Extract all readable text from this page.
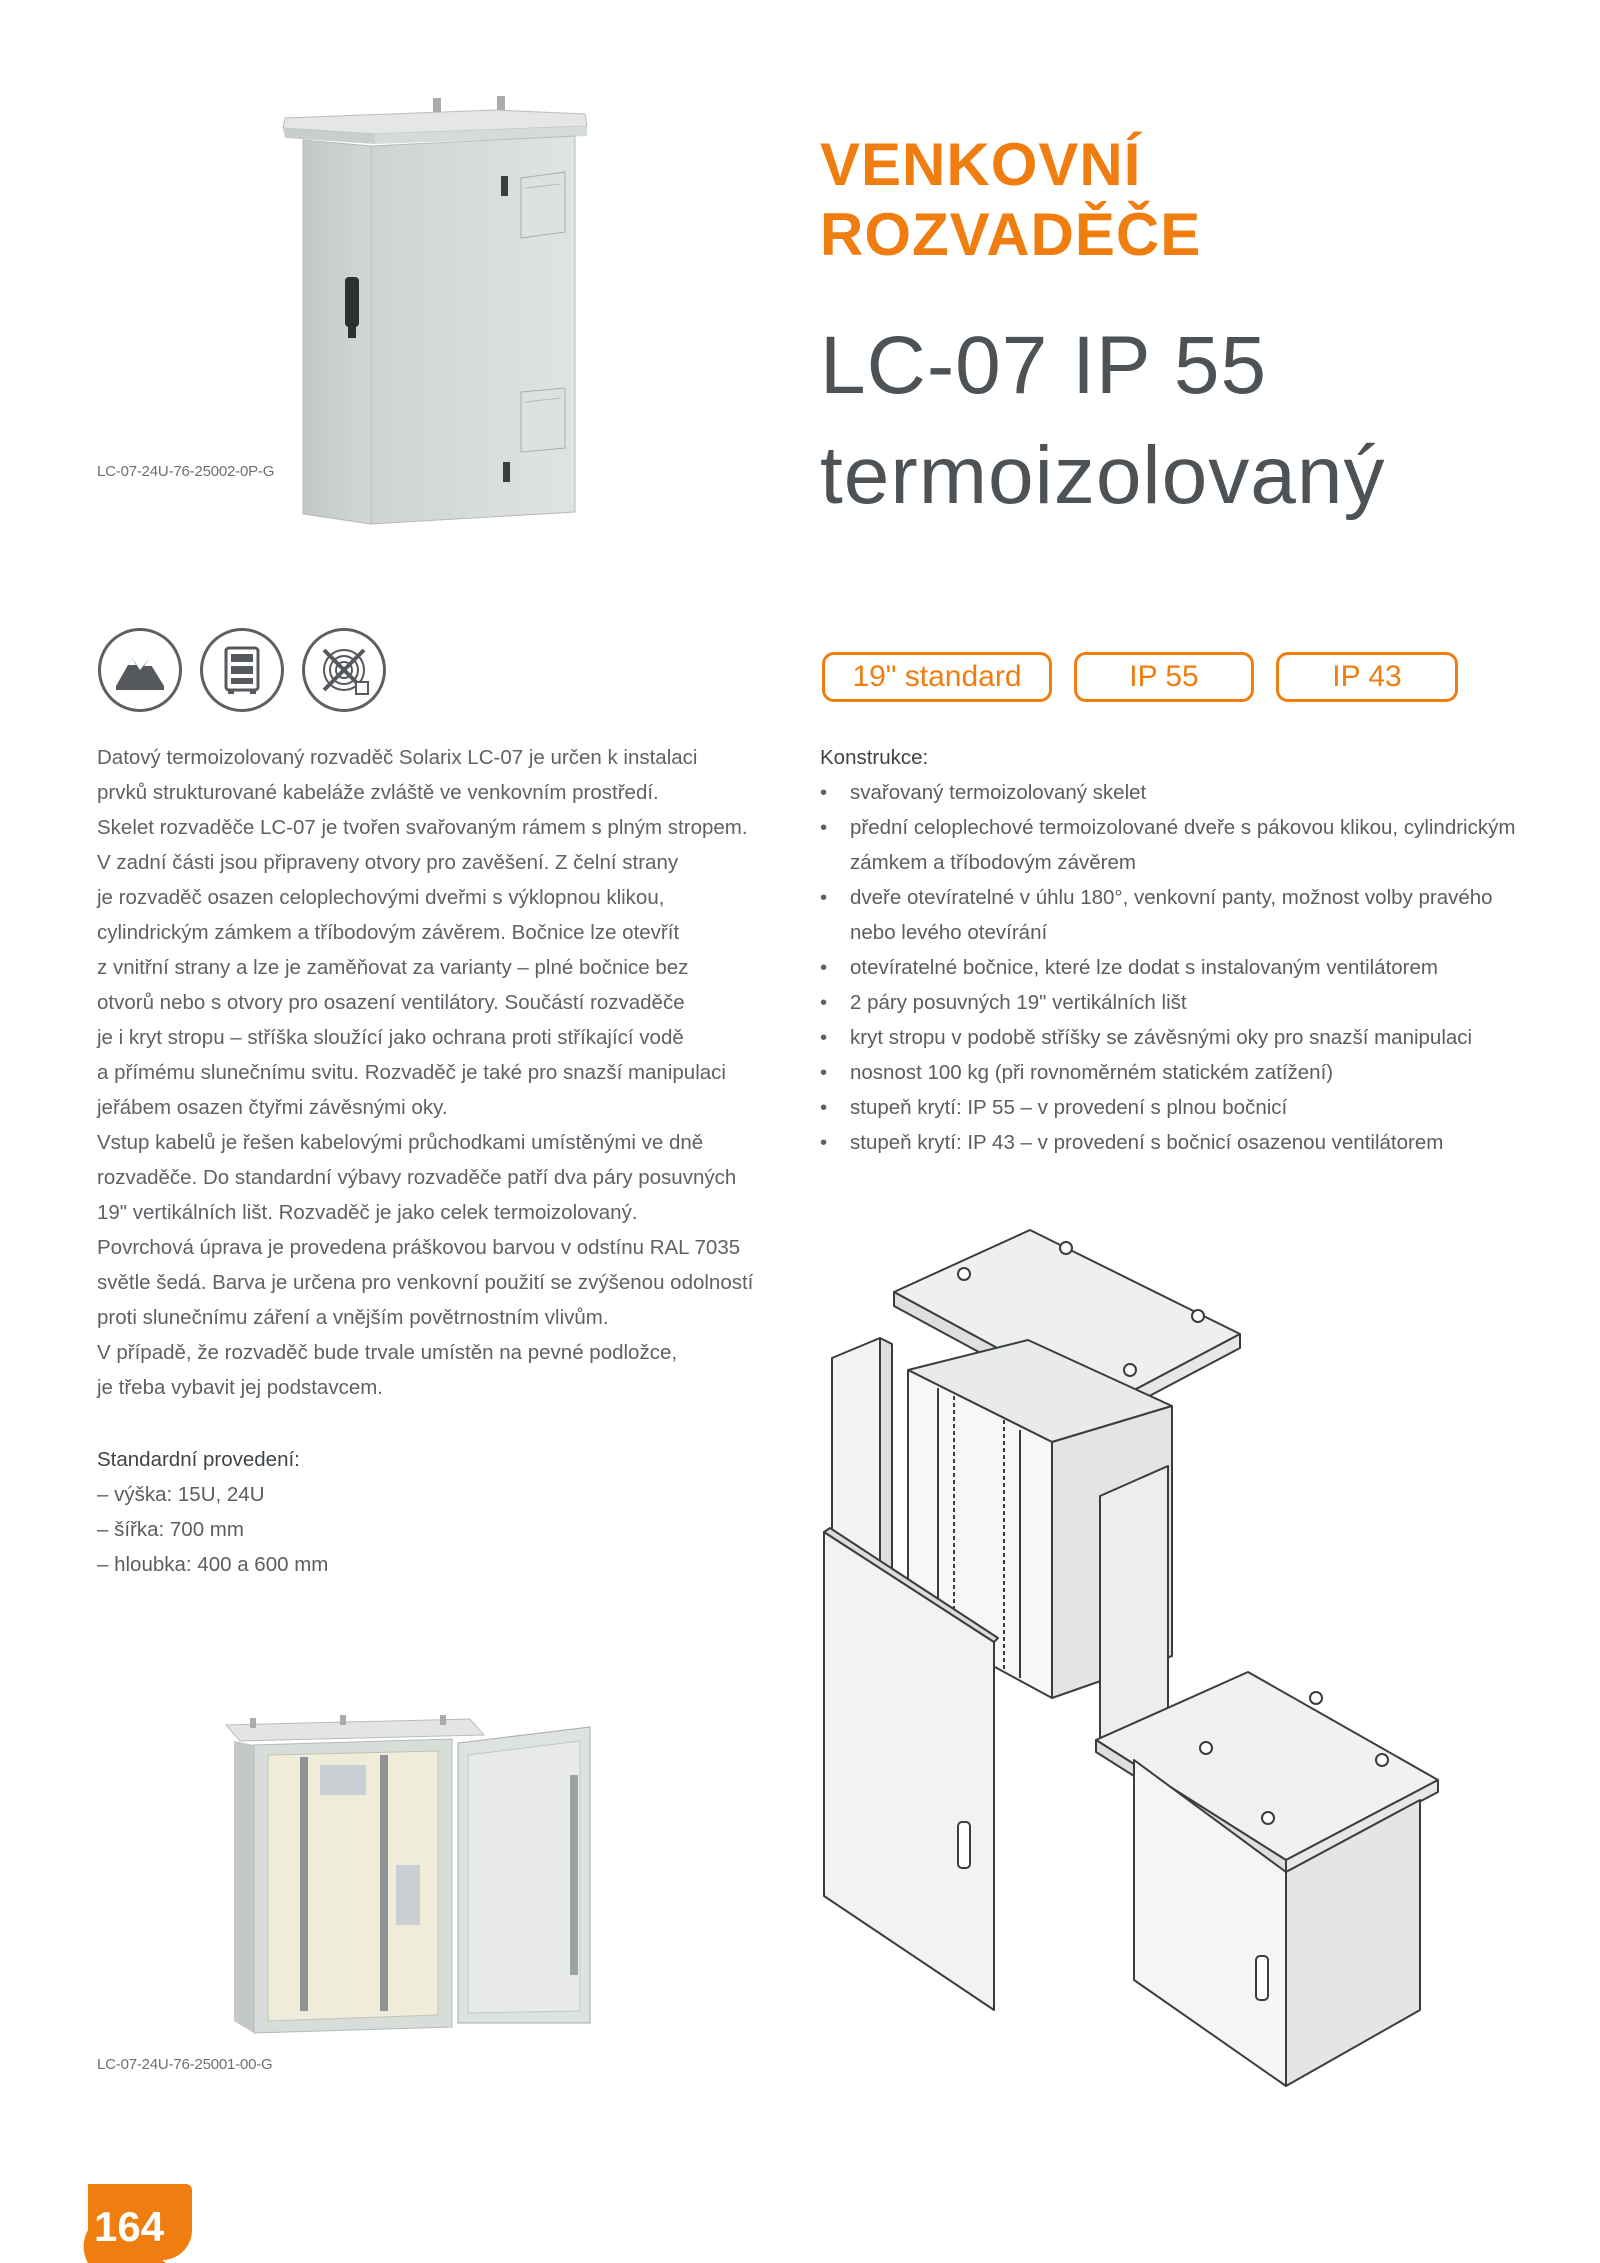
LC-07-24U-76-25002-0P-G
VENKOVNÍ
ROZVADĚČE
LC-07 IP 55
termoizolovaný
19" standard	IP 55	IP 43

Datový termoizolovaný rozvaděč Solarix LC-07 je určen k instalaci

prvků strukturované kabeláže zvláště ve venkovním prostředí.

Skelet rozvaděče LC-07 je tvořen svařovaným rámem s plným stropem.

V zadní části jsou připraveny otvory pro zavěšení. Z čelní strany

je rozvaděč osazen celoplechovými dveřmi s výklopnou klikou,

cylindrickým zámkem a tříbodovým závěrem. Bočnice lze otevřít

z vnitřní strany a lze je zaměňovat za varianty – plné bočnice bez

otvorů nebo s otvory pro osazení ventilátory. Součástí rozvaděče

je i kryt stropu – stříška sloužící jako ochrana proti stříkající vodě

a přímému slunečnímu svitu. Rozvaděč je také pro snazší manipulaci

jeřábem osazen čtyřmi závěsnými oky.

Vstup kabelů je řešen kabelovými průchodkami umístěnými ve dně

rozvaděče. Do standardní výbavy rozvaděče patří dva páry posuvných

19" vertikálních lišt. Rozvaděč je jako celek termoizolovaný.

Povrchová úprava je provedena práškovou barvou v odstínu RAL 7035

světle šedá. Barva je určena pro venkovní použití se zvýšenou odolností

proti slunečnímu záření a vnějším povětrnostním vlivům.

V případě, že rozvaděč bude trvale umístěn na pevné podložce,

je třeba vybavit jej podstavcem.

Standardní provedení:
– výška: 15U, 24U
– šířka: 700 mm
– hloubka: 400 a 600 mm
Konstrukce:
• svařovaný termoizolovaný skelet
• přední celoplechové termoizolované dveře s pákovou klikou, cylindrickým zámkem a tříbodovým závěrem
• dveře otevíratelné v úhlu 180°, venkovní panty, možnost volby pravého nebo levého otevírání
• otevíratelné bočnice, které lze dodat s instalovaným ventilátorem
• 2 páry posuvných 19" vertikálních lišt
• kryt stropu v podobě stříšky se závěsnými oky pro snazší manipulaci
• nosnost 100 kg (při rovnoměrném statickém zatížení)
• stupeň krytí: IP 55 – v provedení s plnou bočnicí
• stupeň krytí: IP 43 – v provedení s bočnicí osazenou ventilátorem
LC-07-24U-76-25001-00-G
164
